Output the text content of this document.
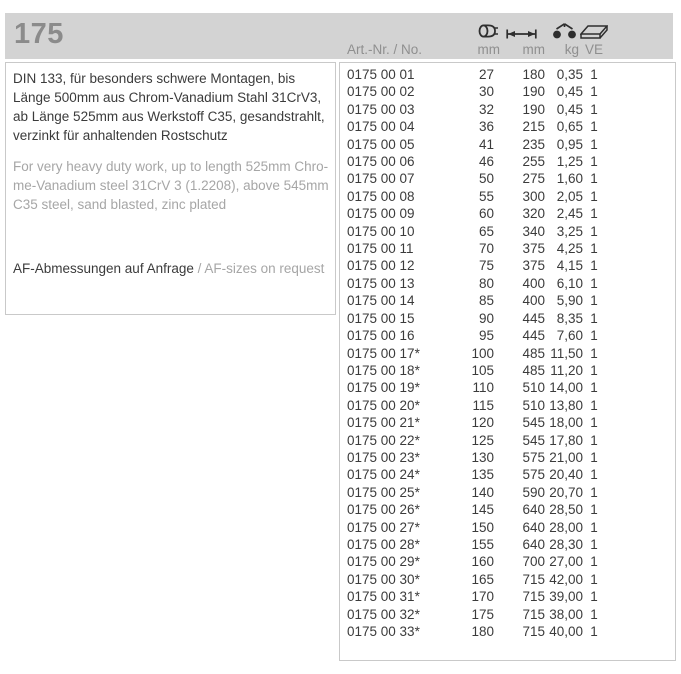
175	Art.-Nr. / No.	mm	mm	kg VE
DIN 133, für besonders schwere Montagen, bis
Länge 500mm aus Chrom-Vanadium Stahl 31CrV3,
ab Länge 525mm aus Werkstoff C35, gesandstrahlt,
verzinkt für anhaltenden Rostschutz
For very heavy duty work, up to length 525mm Chro-
me-Vanadium steel 31CrV 3 (1.2208), above 545mm
C35 steel, sand blasted, zinc plated
AF-Abmessungen auf Anfrage / AF-sizes on request
0175 00 01	27	180 0,35 1
0175 00 02	30	190 0,45 1
0175 00 03	32	190 0,45 1
0175 00 04	36	215 0,65 1
0175 00 05	41	235 0,95 1
0175 00 06	46	255 1,25 1
0175 00 07	50	275 1,60 1
0175 00 08	55	300 2,05 1
0175 00 09	60	320 2,45 1
0175 00 10	65	340 3,25 1
0175 00 11	70	375 4,25 1
0175 00 12	75	375 4,15 1
0175 00 13	80	400 6,10 1
0175 00 14	85	400 5,90 1
0175 00 15	90	445 8,35 1
0175 00 16	95	445 7,60 1
0175 00 17*	100	485 11,50 1
0175 00 18*	105	485 11,20 1
0175 00 19*	110	510 14,00 1
0175 00 20*	115	510 13,80 1
0175 00 21*	120	545 18,00 1
0175 00 22*	125	545 17,80 1
0175 00 23*	130	575 21,00 1
0175 00 24*	135	575 20,40 1
0175 00 25*	140	590 20,70 1
0175 00 26*	145	640 28,50 1
0175 00 27*	150	640 28,00 1
0175 00 28*	155	640 28,30 1
0175 00 29*	160	700 27,00 1
0175 00 30*	165	715 42,00 1
0175 00 31*	170	715 39,00 1
0175 00 32*	175	715 38,00 1
0175 00 33*	180	715 40,00 1
